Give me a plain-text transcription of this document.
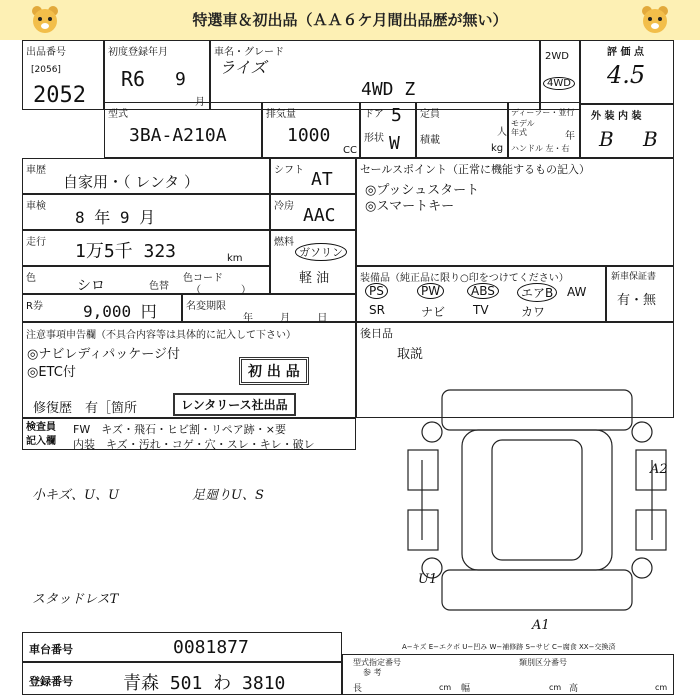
特選車＆初出品（ＡＡ６ケ月間出品歴が無い）
出品番号
[2056]
2052
初度登録年月
R6 9
月
車名・グレード
ライズ
4WD Z
2WD
4WD
評 価 点
4.5
型式
3BA-A210A
排気量
1000
CC
ドア 5
形状 W
定員
人
積載
kg
ディーラー・並行
モデル
年式	年
ハンドル 左・右
外 装 内 装
B B
車歴
自家用・（ レンタ ）
シフト AT
車検
8 年 9 月
冷房 AAC
走行 1万5千 323	km
燃料
ガソリン
軽 油
色	シロ	色替
色コード
（　　　　）
R券	9,000 円	名変期限
年 月 日
セールスポイント（正常に機能するもの記入）
◎プッシュスタート
◎スマートキー
装備品（純正品に限り○印をつけてください）
PS	PW	ABS	エアB	AW
SR	ナビ TV	カワ
新車保証書
有・無
注意事項申告欄（不具合内容等は具体的に記入して下さい）
◎ナビレディパッケージ付
◎ETC付	初 出 品
修復歴　有［箇所	レンタリース社出品
後日品
取説
検査員
記入欄
FW　キズ・飛石・ヒビ割・リペア跡・×要
内装　キズ・汚れ・コゲ・穴・スレ・キレ・破レ
小キズ、U、U	足廻りU、S
スタッドレスT
A2
U1
A1
A−キズ E−エクボ U−凹み W−補修跡 S−サビ C−腐食 XX−交換済
車台番号	0081877
登録番号	青森 501 わ 3810
型式指定番号	類別区分番号
参 考
長	幅	高
cm	cm	cm
